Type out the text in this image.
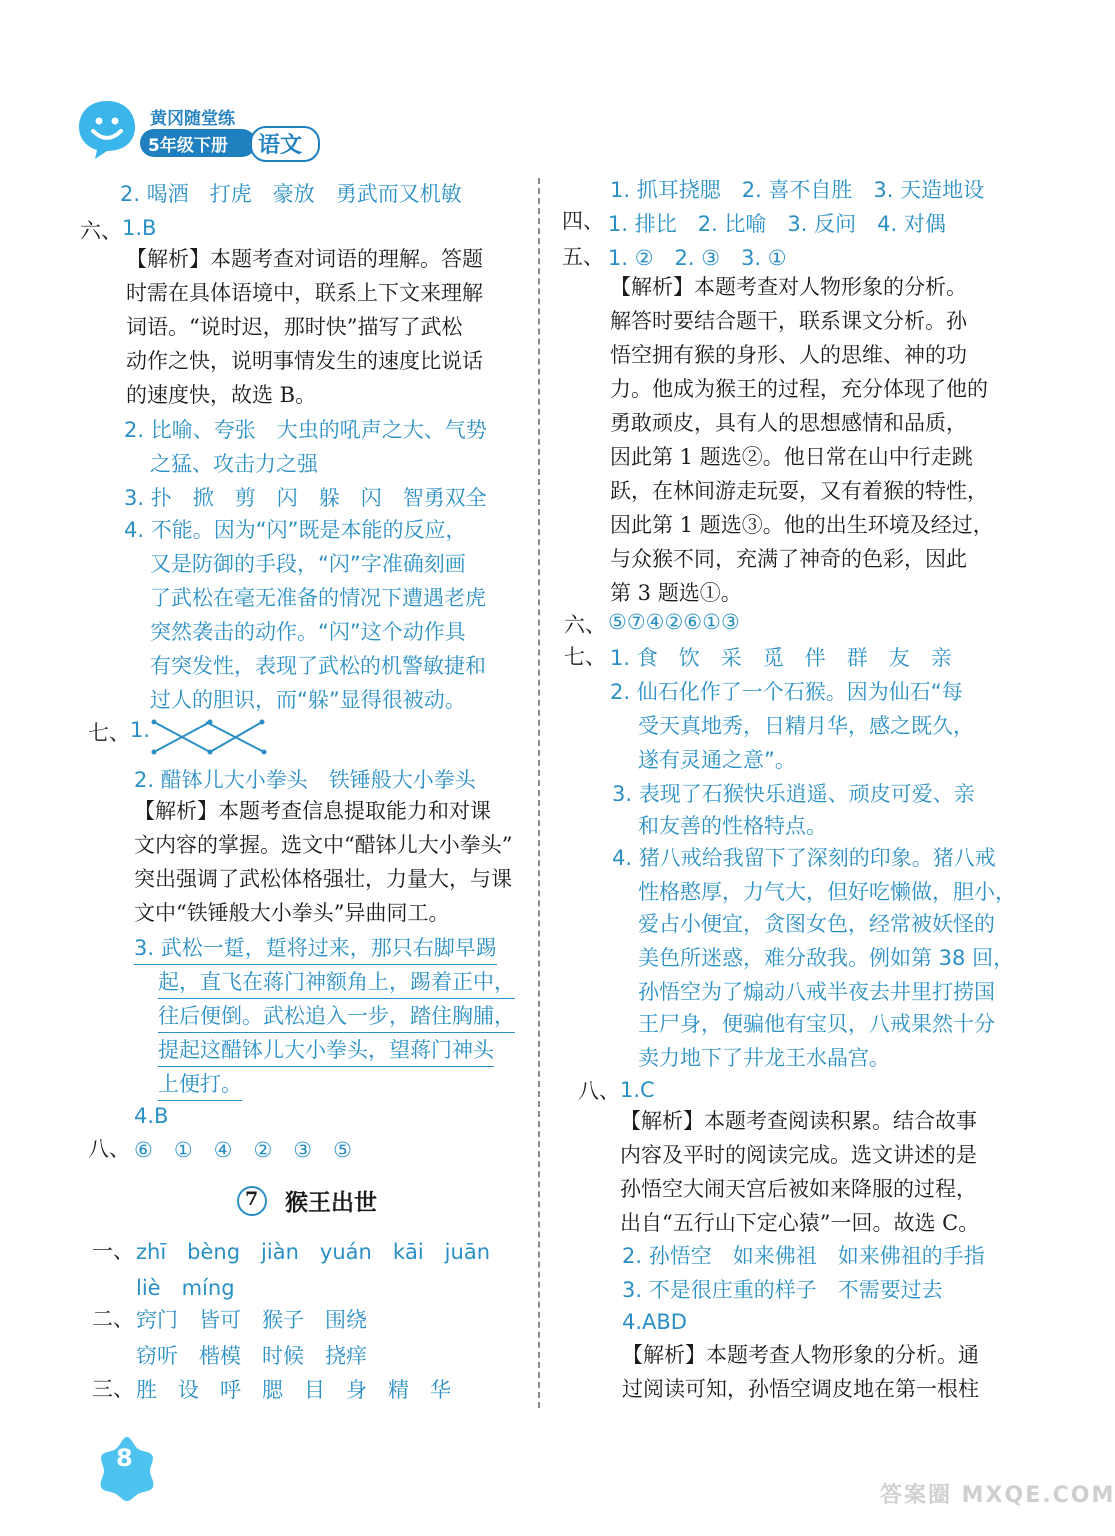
黄冈随堂练
5年级下册 语文
2. 喝酒　打虎　豪放　勇武而又机敏
六、 1.B
【解析】本题考查对词语的理解。答题
时需在具体语境中，联系上下文来理解
词语。“说时迟，那时快”描写了武松
动作之快，说明事情发生的速度比说话
的速度快，故选 B。
2. 比喻、夸张　大虫的吼声之大、气势
之猛、攻击力之强
3. 扑　掀　剪　闪　躲　闪　智勇双全
4. 不能。因为“闪”既是本能的反应，
又是防御的手段，“闪”字准确刻画
了武松在毫无准备的情况下遭遇老虎
突然袭击的动作。“闪”这个动作具
有突发性，表现了武松的机警敏捷和
过人的胆识，而“躲”显得很被动。
七、 1.
2. 醋钵儿大小拳头　铁锤般大小拳头
【解析】本题考查信息提取能力和对课
文内容的掌握。选文中“醋钵儿大小拳头”
突出强调了武松体格强壮，力量大，与课
文中“铁锤般大小拳头”异曲同工。
3. 武松一踅，踅将过来，那只右脚早踢
起，直飞在蒋门神额角上，踢着正中，
往后便倒。武松追入一步，踏住胸脯，
提起这醋钵儿大小拳头，望蒋门神头
上便打。
4.B
八、 ⑥　①　④　②　③　⑤
7 猴王出世
一、 zhī　bèng　jiàn　yuán　kāi　juān
liè　míng
二、 窍门　皆可　猴子　围绕
窃听　楷模　时候　挠痒
三、 胜　设　呼　腮　目　身　精　华
1. 抓耳挠腮　2. 喜不自胜　3. 天造地设
四、 1. 排比　2. 比喻　3. 反问　4. 对偶
五、 1. ②　2. ③　3. ①
【解析】本题考查对人物形象的分析。
解答时要结合题干，联系课文分析。孙
悟空拥有猴的身形、人的思维、神的功
力。他成为猴王的过程，充分体现了他的
勇敢顽皮，具有人的思想感情和品质，
因此第 1 题选②。他日常在山中行走跳
跃，在林间游走玩耍，又有着猴的特性，
因此第 1 题选③。他的出生环境及经过，
与众猴不同，充满了神奇的色彩，因此
第 3 题选①。
六、 ⑤⑦④②⑥①③
七、 1. 食　饮　采　觅　伴　群　友　亲
2. 仙石化作了一个石猴。因为仙石“每
受天真地秀，日精月华，感之既久，
遂有灵通之意”。
3. 表现了石猴快乐逍遥、顽皮可爱、亲
和友善的性格特点。
4. 猪八戒给我留下了深刻的印象。猪八戒
性格憨厚，力气大，但好吃懒做，胆小，
爱占小便宜，贪图女色，经常被妖怪的
美色所迷惑，难分敌我。例如第 38 回，
孙悟空为了煽动八戒半夜去井里打捞国
王尸身，便骗他有宝贝，八戒果然十分
卖力地下了井龙王水晶宫。
八、 1.C
【解析】本题考查阅读积累。结合故事
内容及平时的阅读完成。选文讲述的是
孙悟空大闹天宫后被如来降服的过程，
出自“五行山下定心猿”一回。故选 C。
2. 孙悟空　如来佛祖　如来佛祖的手指
3. 不是很庄重的样子　不需要过去
4.ABD
【解析】本题考查人物形象的分析。通
过阅读可知，孙悟空调皮地在第一根柱
8
答案圈 MXQE.COM
